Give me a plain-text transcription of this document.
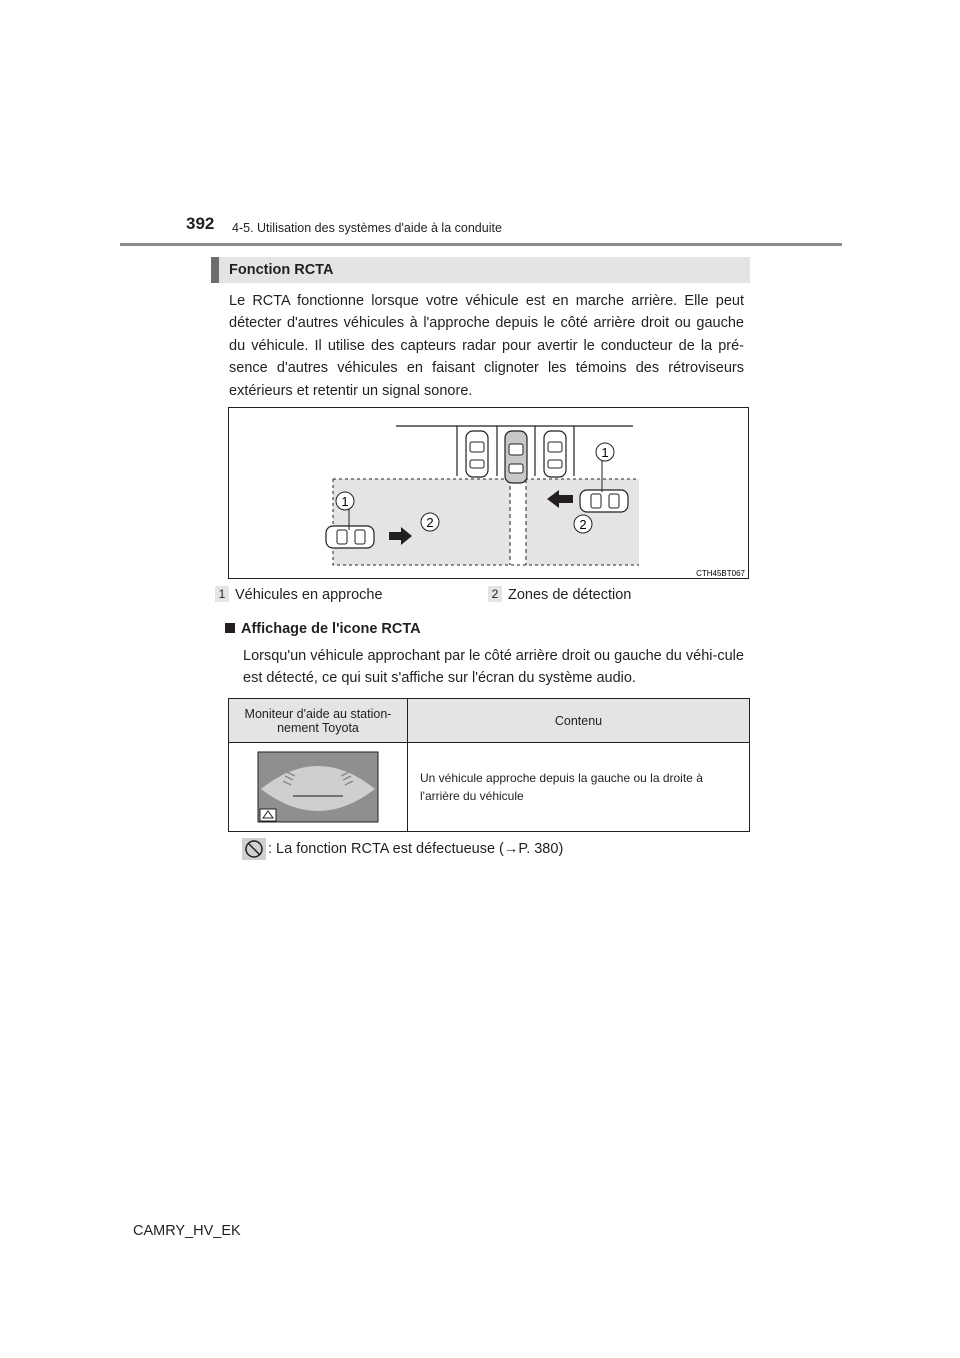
392 4-5. Utilisation des systèmes d'aide à la conduite
Fonction RCTA
Le RCTA fonctionne lorsque votre véhicule est en marche arrière. Elle peut détecter d'autres véhicules à l'approche depuis le côté arrière droit ou gauche du véhicule. Il utilise des capteurs radar pour avertir le conducteur de la pré-sence d'autres véhicules en faisant clignoter les témoins des rétroviseurs extérieurs et retentir un signal sonore.
1
1
2	2
CTH45BT067
1 Véhicules en approche	2 Zones de détection
Affichage de l'icone RCTA
Lorsqu'un véhicule approchant par le côté arrière droit ou gauche du véhi-cule est détecté, ce qui suit s'affiche sur l'écran du système audio.
Moniteur d'aide au station-nement Toyota	Contenu

Un véhicule approche depuis la gauche ou la droite à l'arrière du véhicule
: La fonction RCTA est défectueuse (→P. 380)
CAMRY_HV_EK
